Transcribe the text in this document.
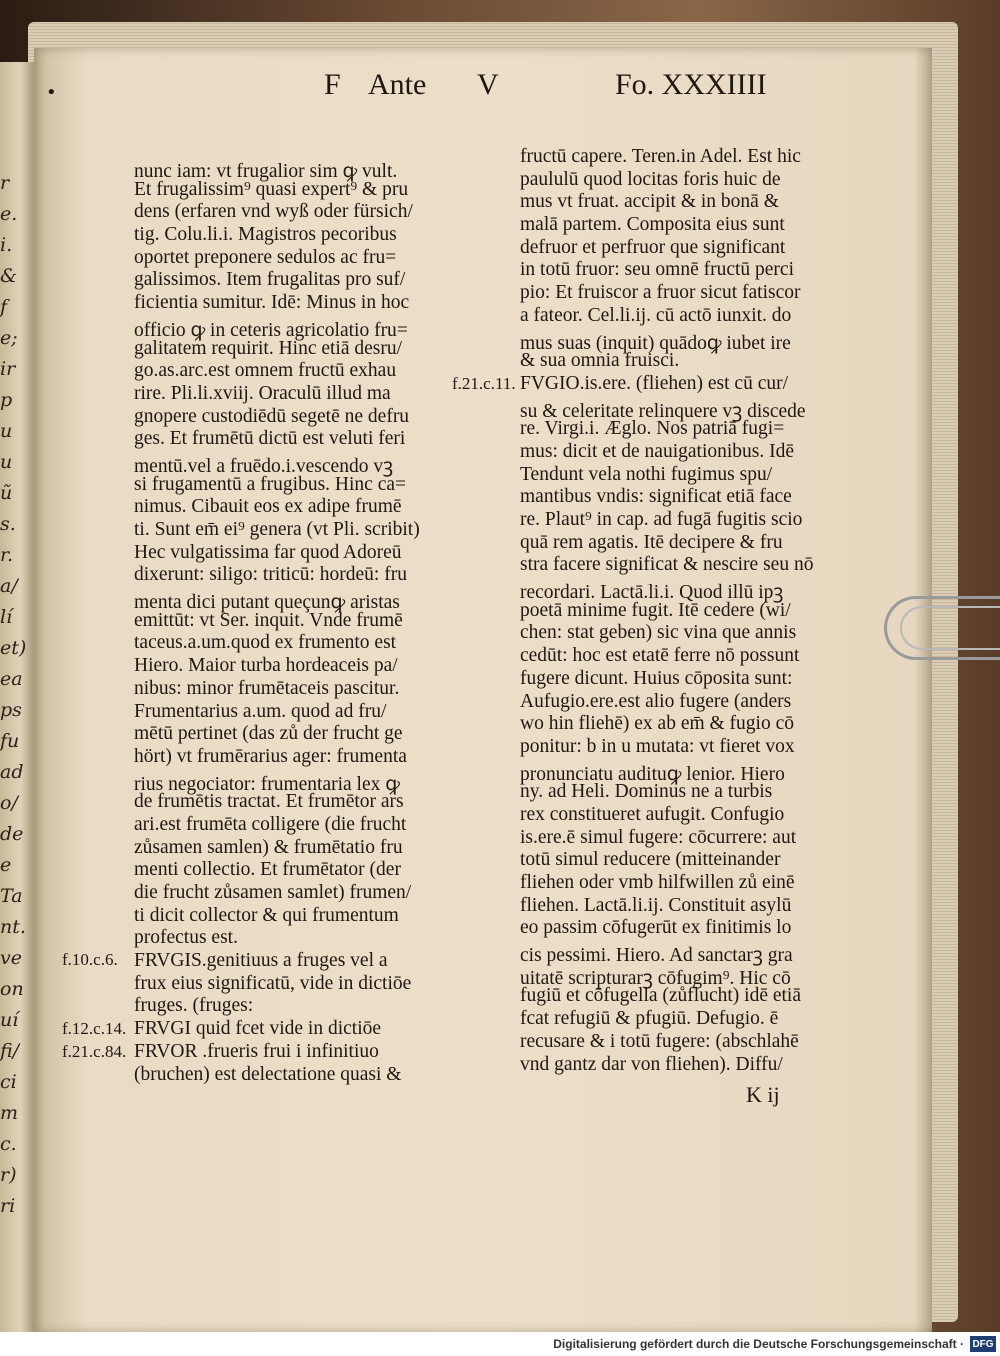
r
e.
i.
&
f
e;
ir
p
u
u
ũ
s.
r.
a/
lí
et)
ea
ps
fu
ad
o/
de
e
Ta
nt.
ve
on
uí
fi/
ci
m
c.
r)
ri
•	F Ante V	Fo. XXXIIII
nunc iam: vt frugalior sim ꝙ vult.
Et frugalissim⁹ quasi expert⁹ & pru
dens (erfaren vnd wyß oder fürsich/
tig. Colu.li.i. Magistros pecoribus
oportet preponere sedulos ac fru=
galissimos. Item frugalitas pro suf/
ficientia sumitur. Idē: Minus in hoc
officio ꝙ in ceteris agricolatio fru=
galitatem requirit. Hinc etiā desru/
go.as.arc.est omnem fructū exhau
rire. Pli.li.xviij. Oraculū illud ma
gnopere custodiēdū segetē ne defru
ges. Et frumētū dictū est veluti feri
mentū.vel a fruēdo.i.vescendo vꝫ
si frugamentū a frugibus. Hinc ca=
nimus. Cibauit eos ex adipe frumē
ti. Sunt em̄ ei⁹ genera (vt Pli. scribit)
Hec vulgatissima far quod Adoreū
dixerunt: siligo: triticū: hordeū: fru
menta dici putant queçunꝙ aristas
emittūt: vt Ser. inquit. Vnde frumē
taceus.a.um.quod ex frumento est
Hiero. Maior turba hordeaceis pa/
nibus: minor frumētaceis pascitur.
Frumentarius a.um. quod ad fru/
mētū pertinet (das zů der frucht ge
hört) vt frumērarius ager: frumenta
rius negociator: frumentaria lex ꝙ
de frumētis tractat. Et frumētor ars
ari.est frumēta colligere (die frucht
zůsamen samlen) & frumētatio fru
menti collectio. Et frumētator (der
die frucht zůsamen samlet) frumen/
ti dicit collector & qui frumentum
profectus est.
FRVGIS.genitiuus a fruges vel a
frux eius significatū, vide in dictiōe
fruges. (fruges:
FRVGI quid fcet vide in dictiōe
FRVOR .frueris frui i infinitiuo
(bruchen) est delectatione quasi &
fructū capere. Teren.in Adel. Est hic
paululū quod locitas foris huic de
mus vt fruat. accipit & in bonā &
malā partem. Composita eius sunt
defruor et perfruor que significant
in totū fruor: seu omnē fructū perci
pio: Et fruiscor a fruor sicut fatiscor
a fateor. Cel.li.ij. cū actō iunxit. do
mus suas (inquit) quādoꝙ iubet ire
& sua omnia fruisci.
FVGIO.is.ere. (fliehen) est cū cur/
su & celeritate relinquere vꝫ discede
re. Virgi.i. Æglo. Nos patriā fugi=
mus: dicit et de nauigationibus. Idē
Tendunt vela nothi fugimus spu/
mantibus vndis: significat etiā face
re. Plaut⁹ in cap. ad fugā fugitis scio
quā rem agatis. Itē decipere & fru
stra facere significat & nescire seu nō
recordari. Lactā.li.i. Quod illū ipꝫ
poetā minime fugit. Itē cedere (wi/
chen: stat geben) sic vina que annis
cedūt: hoc est etatē ferre nō possunt
fugere dicunt. Huius cōposita sunt:
Aufugio.ere.est alio fugere (anders
wo hin fliehē) ex ab em̄ & fugio cō
ponitur: b in u mutata: vt fieret vox
pronunciatu audituꝙ lenior. Hiero
ny. ad Heli. Dominus ne a turbis
rex constitueret aufugit. Confugio
is.ere.ē simul fugere: cōcurrere: aut
totū simul reducere (mitteinander
fliehen oder vmb hilfwillen zů einē
fliehen. Lactā.li.ij. Constituit asylū
eo passim cōfugerūt ex finitimis lo
cis pessimi. Hiero. Ad sanctarꝫ gra
uitatē scripturarꝫ cōfugim⁹. Hic cō
fugiū et cōfugella (zůflucht) idē etiā
fcat refugiū & pfugiū. Defugio. ē
recusare & i totū fugere: (abschlahē
vnd gantz dar von fliehen). Diffu/
f.10.c.6.
f.12.c.14.
f.21.c.84.
f.21.c.11.
K ij
Digitalisierung gefördert durch die Deutsche Forschungsgemeinschaft · DFG
